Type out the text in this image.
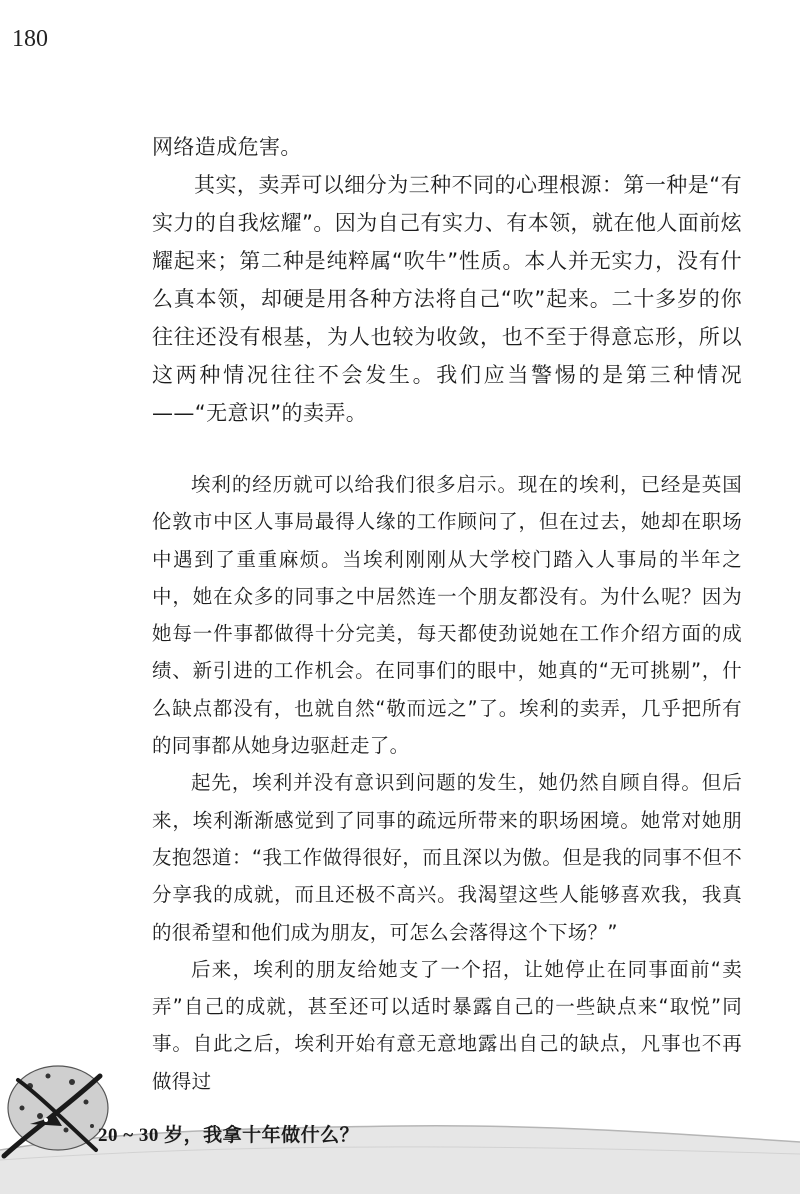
180

网络造成危害。

其实，卖弄可以细分为三种不同的心理根源：第一种是“有实力的自我炫耀”。因为自己有实力、有本领，就在他人面前炫耀起来；第二种是纯粹属“吹牛”性质。本人并无实力，没有什么真本领，却硬是用各种方法将自己“吹”起来。二十多岁的你往往还没有根基，为人也较为收敛，也不至于得意忘形，所以这两种情况往往不会发生。我们应当警惕的是第三种情况——“无意识”的卖弄。

埃利的经历就可以给我们很多启示。现在的埃利，已经是英国伦敦市中区人事局最得人缘的工作顾问了，但在过去，她却在职场中遇到了重重麻烦。当埃利刚刚从大学校门踏入人事局的半年之中，她在众多的同事之中居然连一个朋友都没有。为什么呢？因为她每一件事都做得十分完美，每天都使劲说她在工作介绍方面的成绩、新引进的工作机会。在同事们的眼中，她真的“无可挑剔”，什么缺点都没有，也就自然“敬而远之”了。埃利的卖弄，几乎把所有的同事都从她身边驱赶走了。

起先，埃利并没有意识到问题的发生，她仍然自顾自得。但后来，埃利渐渐感觉到了同事的疏远所带来的职场困境。她常对她朋友抱怨道：“我工作做得很好，而且深以为傲。但是我的同事不但不分享我的成就，而且还极不高兴。我渴望这些人能够喜欢我，我真的很希望和他们成为朋友，可怎么会落得这个下场？”

后来，埃利的朋友给她支了一个招，让她停止在同事面前“卖弄”自己的成就，甚至还可以适时暴露自己的一些缺点来“取悦”同事。自此之后，埃利开始有意无意地露出自己的缺点，凡事也不再做得过

20 ~ 30 岁，我拿十年做什么？
